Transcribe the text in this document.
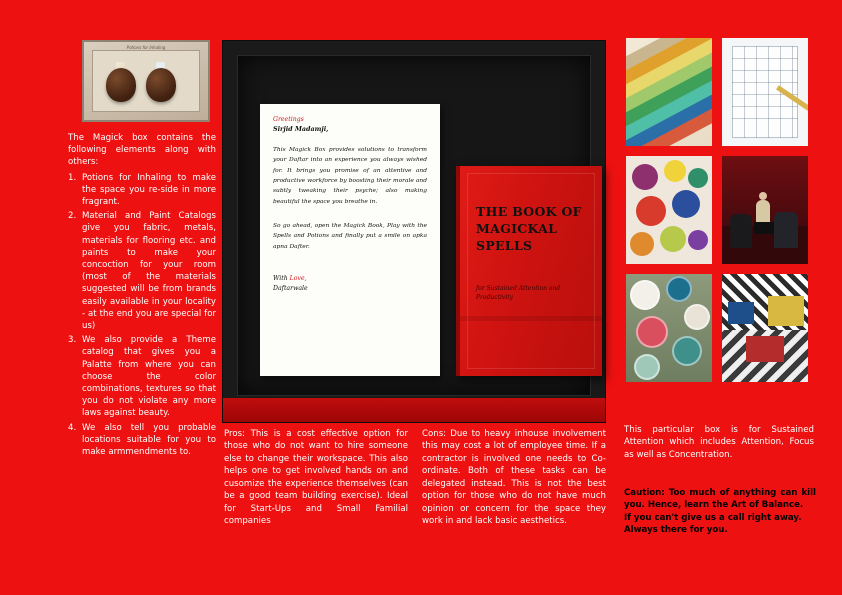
Potions for Inhaling
The Magick box contains the following elements along with others:
1. Potions for Inhaling to make the space you re-side in more fragrant.
2. Material and Paint Catalogs give you fabric, metals, materials for flooring etc. and paints to make your concoction for your room (most of the materials suggested will be from brands easily available in your locality - at the end you are special for us)
3. We also provide a Theme catalog that gives you a Palatte from where you can choose the color combinations, textures so that you do not violate any more laws against beauty.
4. We also tell you probable locations suitable for you to make armmendments to.
Greetings
Sirjid Madamji,

This Magick Box provides solutions to transform your Daftar into an experience you always wished for. It brings you promise of an attentive and productive workforce by boosting their morale and subtly tweaking their psyche; also making beautiful the space you breathe in.

So go ahead, open the Magick Book, Play with the Spells and Potions and finally put a smile on apka apna Dafter.

With Love,
Daftarwale
THE BOOK OF MAGICKAL SPELLS
for Sustained Attention and Productivity
Pros: This is a cost effective option for those who do not want to hire someone else to change their workspace. This also helps one to get involved hands on and cusomize the experience themselves (can be a good team building exercise). Ideal for Start-Ups and Small Familial companies
Cons: Due to heavy inhouse involvement this may cost a lot of employee time. If a contractor is involved one needs to Co-ordinate. Both of these tasks can be delegated instead. This is not the best option for those who do not have much opinion or concern for the space they work in and lack basic aesthetics.
This particular box is for Sustained Attention which includes Attention, Focus as well as Concentration.
Caution: Too much of anything can kill you. Hence, learn the Art of Balance.
If you can't give us a call right away.
Always there for you.
